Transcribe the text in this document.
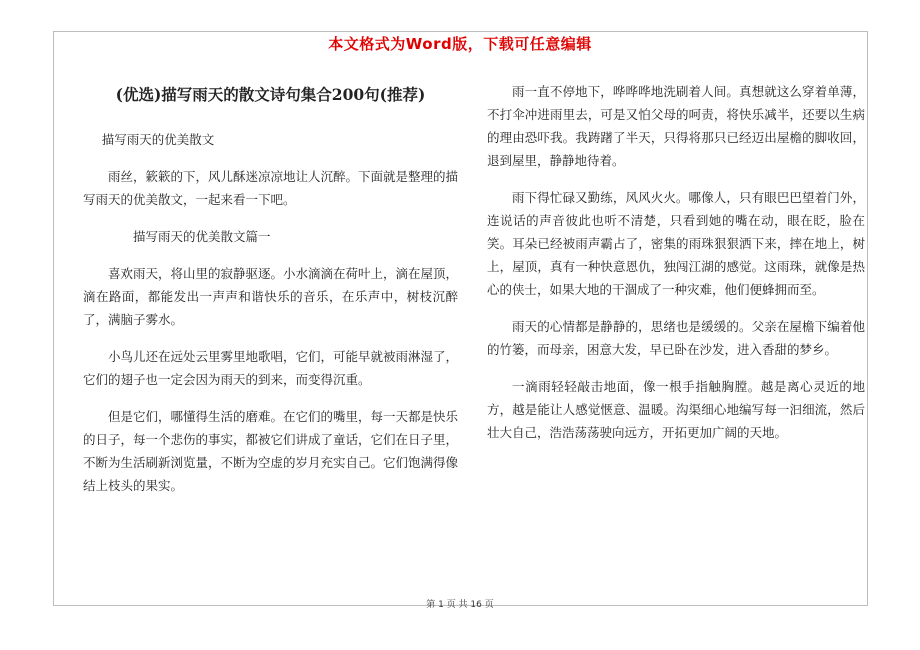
本文格式为Word版，下载可任意编辑
(优选)描写雨天的散文诗句集合200句(推荐)
描写雨天的优美散文
雨丝，簌簌的下，风儿酥迷凉凉地让人沉醉。下面就是整理的描写雨天的优美散文，一起来看一下吧。
描写雨天的优美散文篇一
喜欢雨天，将山里的寂静驱逐。小水滴滴在荷叶上，滴在屋顶，滴在路面，都能发出一声声和谐快乐的音乐，在乐声中，树枝沉醉了，满脑子雾水。
小鸟儿还在远处云里雾里地歌唱，它们，可能早就被雨淋湿了，它们的翅子也一定会因为雨天的到来，而变得沉重。
但是它们，哪懂得生活的磨难。在它们的嘴里，每一天都是快乐的日子，每一个悲伤的事实，都被它们讲成了童话，它们在日子里，不断为生活刷新浏览量，不断为空虚的岁月充实自己。它们饱满得像结上枝头的果实。
雨一直不停地下，哗哗哗地洗刷着人间。真想就这么穿着单薄，不打伞冲进雨里去，可是又怕父母的呵责，将快乐减半，还要以生病的理由恐吓我。我踌躇了半天，只得将那只已经迈出屋檐的脚收回，退到屋里，静静地待着。
雨下得忙碌又勤练，风风火火。哪像人，只有眼巴巴望着门外，连说话的声音彼此也听不清楚，只看到她的嘴在动，眼在眨，脸在笑。耳朵已经被雨声霸占了，密集的雨珠狠狠洒下来，摔在地上，树上，屋顶，真有一种快意恩仇，独闯江湖的感觉。这雨珠，就像是热心的侠士，如果大地的干涸成了一种灾难，他们便蜂拥而至。
雨天的心情都是静静的，思绪也是缓缓的。父亲在屋檐下编着他的竹篓，而母亲，困意大发，早已卧在沙发，进入香甜的梦乡。
一滴雨轻轻敲击地面，像一根手指触胸膛。越是离心灵近的地方，越是能让人感觉惬意、温暖。沟渠细心地编写每一汩细流，然后壮大自己，浩浩荡荡驶向远方，开拓更加广阔的天地。
第 1 页 共 16 页
